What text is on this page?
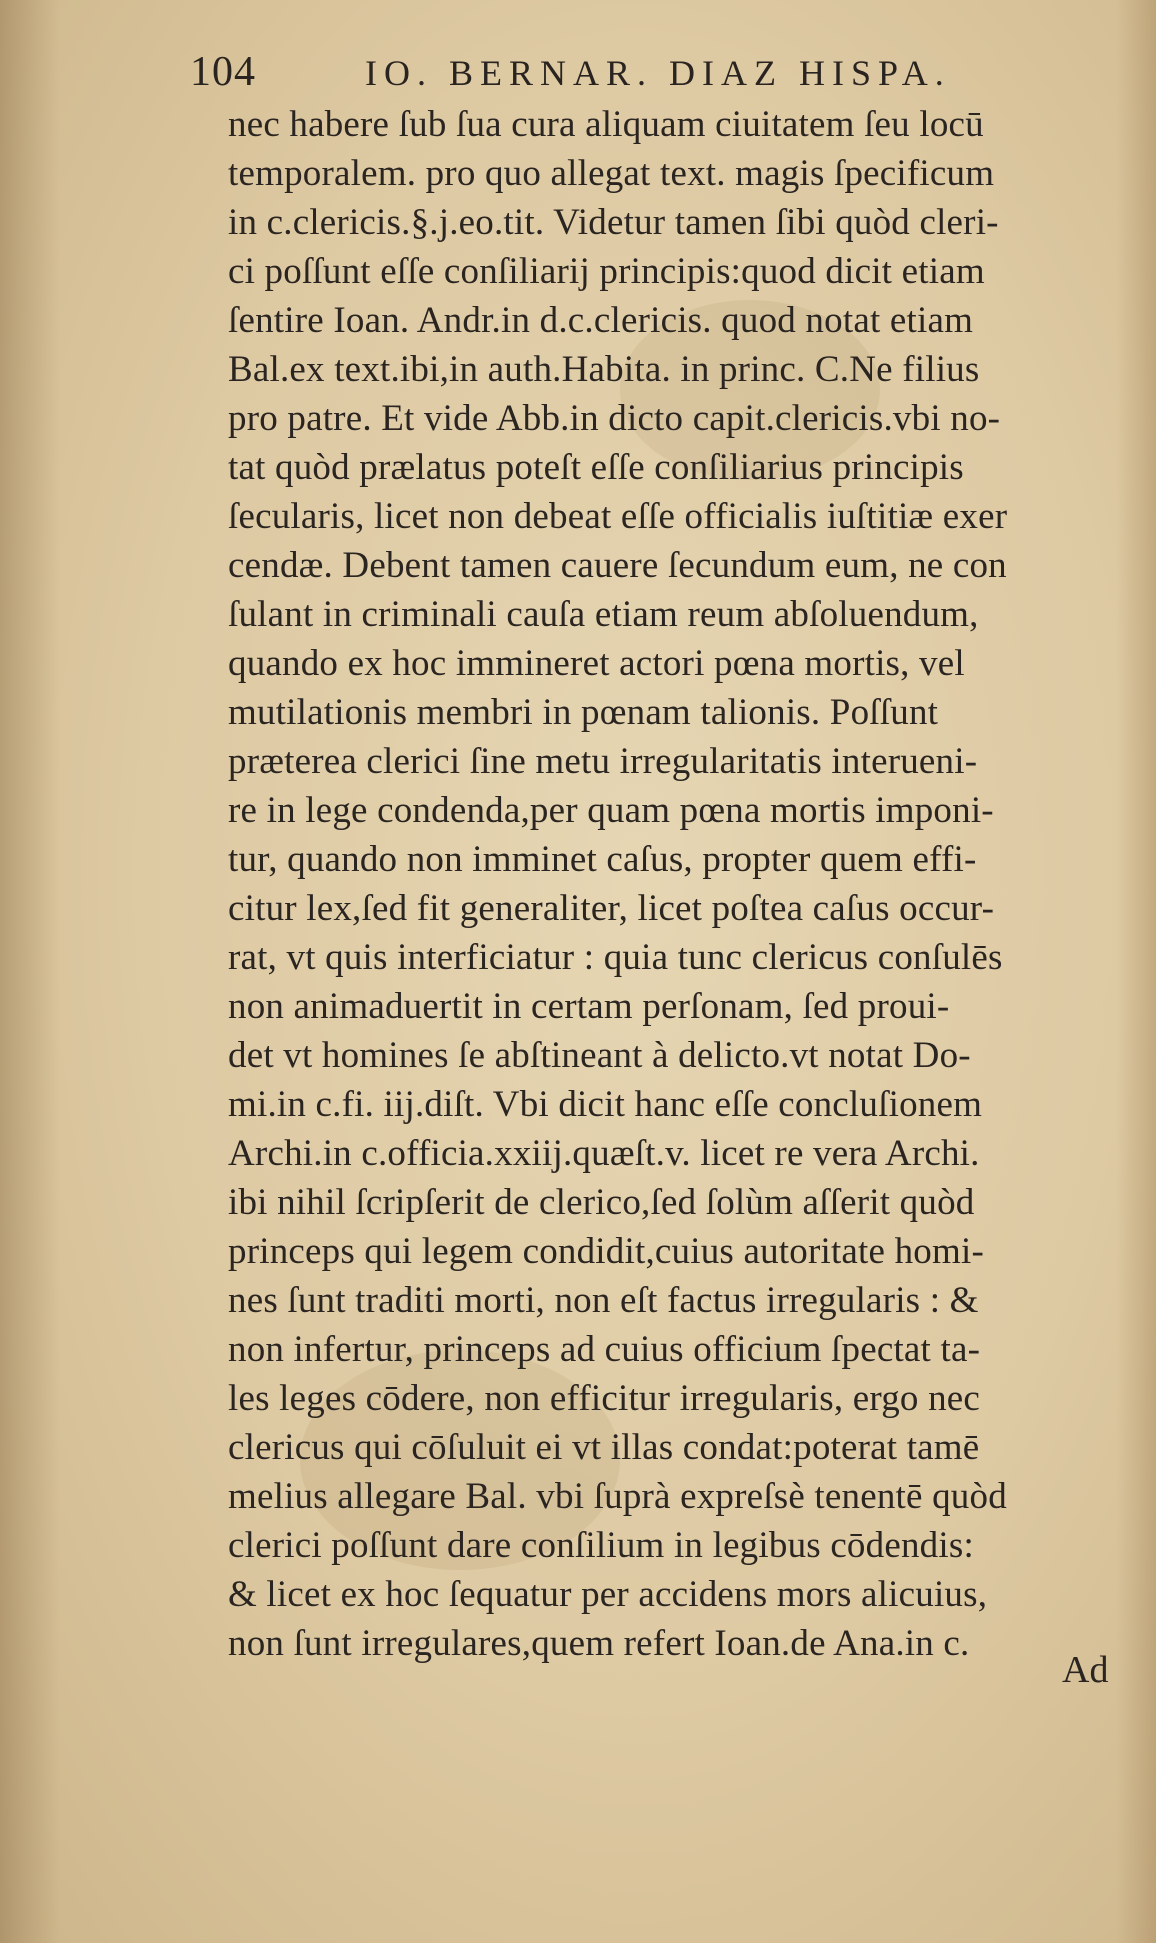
104	IO. BERNAR. DIAZ HISPA.
nec habere ſub ſua cura aliquam ciuitatem ſeu locū
temporalem. pro quo allegat text. magis ſpecificum
in c.clericis.§.j.eo.tit. Videtur tamen ſibi quòd cleri-
ci poſſunt eſſe conſiliarij principis:quod dicit etiam
ſentire Ioan. Andr.in d.c.clericis. quod notat etiam
Bal.ex text.ibi,in auth.Habita. in princ. C.Ne filius
pro patre. Et vide Abb.in dicto capit.clericis.vbi no-
tat quòd prælatus poteſt eſſe conſiliarius principis
ſecularis, licet non debeat eſſe officialis iuſtitiæ exer
cendæ. Debent tamen cauere ſecundum eum, ne con
ſulant in criminali cauſa etiam reum abſoluendum,
quando ex hoc immineret actori pœna mortis, vel
mutilationis membri in pœnam talionis. Poſſunt
præterea clerici ſine metu irregularitatis interueni-
re in lege condenda,per quam pœna mortis imponi-
tur, quando non imminet caſus, propter quem effi-
citur lex,ſed fit generaliter, licet poſtea caſus occur-
rat, vt quis interficiatur : quia tunc clericus conſulēs
non animaduertit in certam perſonam, ſed proui-
det vt homines ſe abſtineant à delicto.vt notat Do-
mi.in c.fi. iij.diſt. Vbi dicit hanc eſſe concluſionem
Archi.in c.officia.xxiij.quæſt.v. licet re vera Archi.
ibi nihil ſcripſerit de clerico,ſed ſolùm aſſerit quòd
princeps qui legem condidit,cuius autoritate homi-
nes ſunt traditi morti, non eſt factus irregularis : &
non infertur, princeps ad cuius officium ſpectat ta-
les leges cōdere, non efficitur irregularis, ergo nec
clericus qui cōſuluit ei vt illas condat:poterat tamē
melius allegare Bal. vbi ſuprà expreſsè tenentē quòd
clerici poſſunt dare conſilium in legibus cōdendis:
& licet ex hoc ſequatur per accidens mors alicuius,
non ſunt irregulares,quem refert Ioan.de Ana.in c.
Ad
